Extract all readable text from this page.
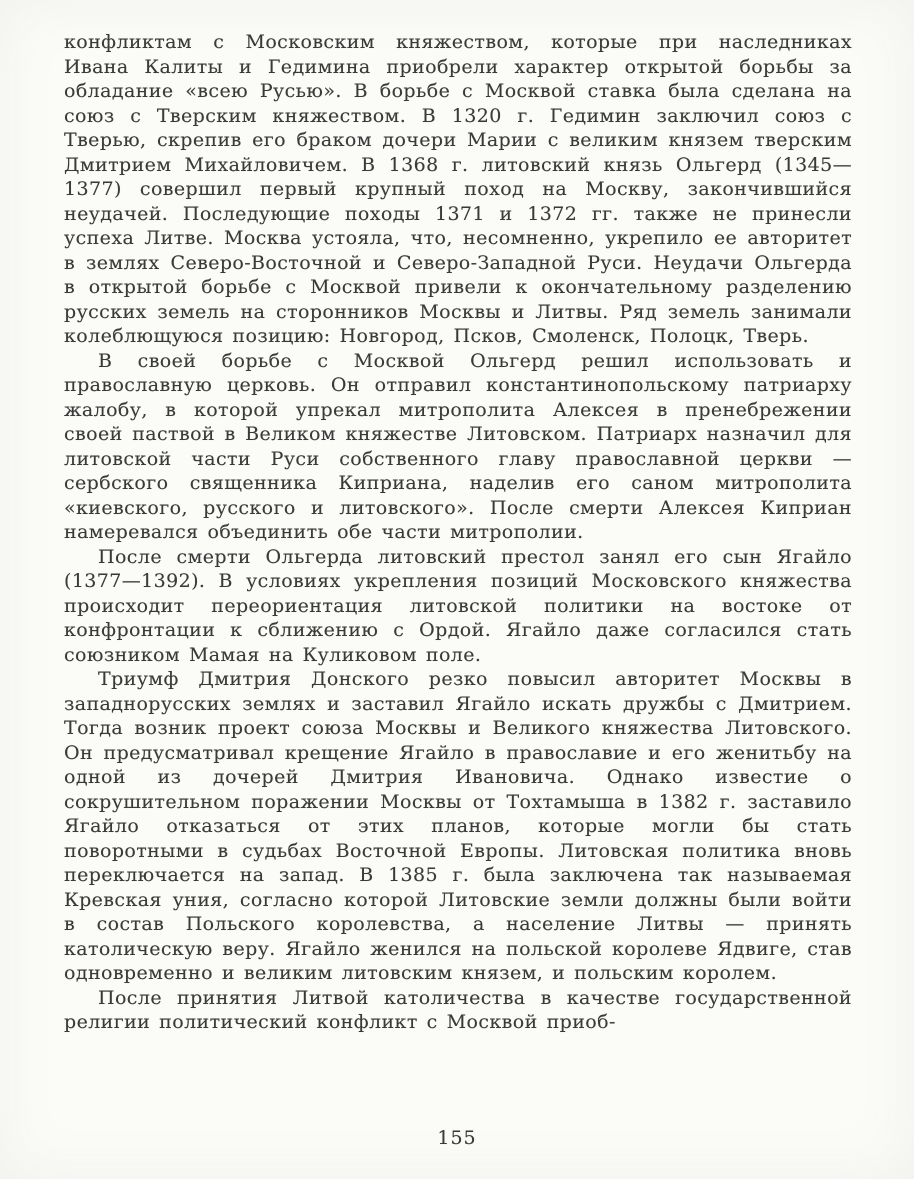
конфликтам с Московским княжеством, которые при наследниках Ивана Калиты и Гедимина приобрели характер открытой борьбы за обладание «всею Русью». В борьбе с Москвой ставка была сделана на союз с Тверским княжеством. В 1320 г. Гедимин заключил союз с Тверью, скрепив его браком дочери Марии с великим князем тверским Дмитрием Михайловичем. В 1368 г. литовский князь Ольгерд (1345— 1377) совершил первый крупный поход на Москву, закончившийся неудачей. Последующие походы 1371 и 1372 гг. также не принесли успеха Литве. Москва устояла, что, несомненно, укрепило ее авторитет в землях Северо-Восточной и Северо-Западной Руси. Неудачи Ольгерда в открытой борьбе с Москвой привели к окончательному разделению русских земель на сторонников Москвы и Литвы. Ряд земель занимали колеблющуюся позицию: Новгород, Псков, Смоленск, Полоцк, Тверь.

В своей борьбе с Москвой Ольгерд решил использовать и православную церковь. Он отправил константинопольскому патриарху жалобу, в которой упрекал митрополита Алексея в пренебрежении своей паствой в Великом княжестве Литовском. Патриарх назначил для литовской части Руси собственного главу православной церкви — сербского священника Киприана, наделив его саном митрополита «киевского, русского и литовского». После смерти Алексея Киприан намеревался объединить обе части митрополии.

После смерти Ольгерда литовский престол занял его сын Ягайло (1377—1392). В условиях укрепления позиций Московского княжества происходит переориентация литовской политики на востоке от конфронтации к сближению с Ордой. Ягайло даже согласился стать союзником Мамая на Куликовом поле.

Триумф Дмитрия Донского резко повысил авторитет Москвы в западнорусских землях и заставил Ягайло искать дружбы с Дмитрием. Тогда возник проект союза Москвы и Великого княжества Литовского. Он предусматривал крещение Ягайло в православие и его женитьбу на одной из дочерей Дмитрия Ивановича. Однако известие о сокрушительном поражении Москвы от Тохтамыша в 1382 г. заставило Ягайло отказаться от этих планов, которые могли бы стать поворотными в судьбах Восточной Европы. Литовская политика вновь переключается на запад. В 1385 г. была заключена так называемая Кревская уния, согласно которой Литовские земли должны были войти в состав Польского королевства, а население Литвы — принять католическую веру. Ягайло женился на польской королеве Ядвиге, став одновременно и великим литовским князем, и польским королем.

После принятия Литвой католичества в качестве государственной религии политический конфликт с Москвой приоб-

155
